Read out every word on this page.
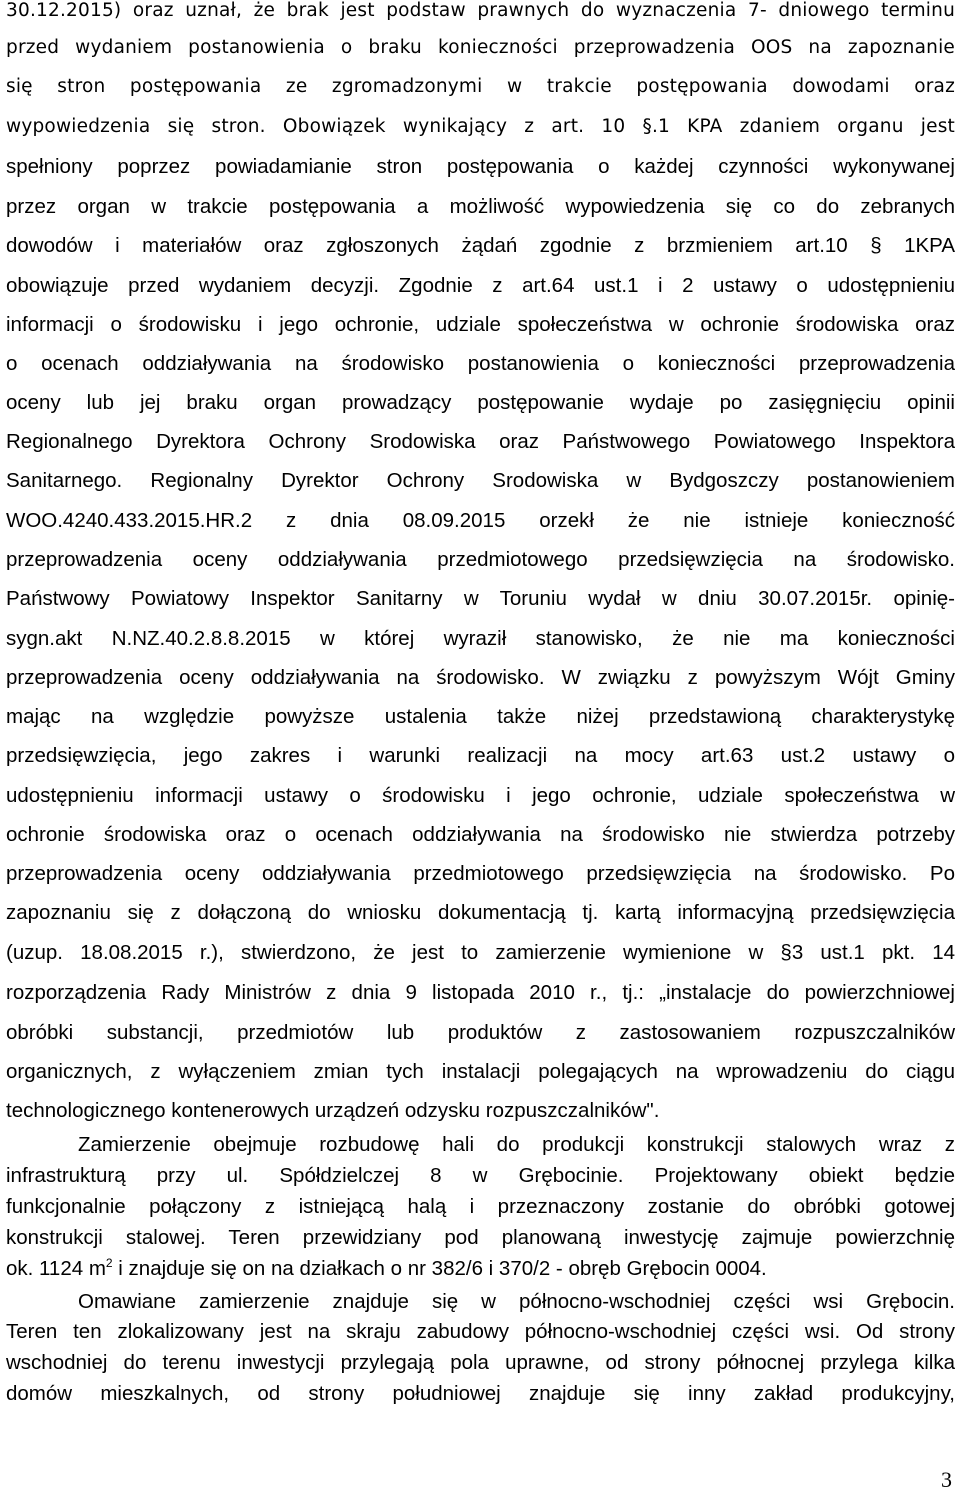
30.12.2015) oraz uznał, że brak jest podstaw prawnych do wyznaczenia 7- dniowego terminu

przed wydaniem postanowienia o braku konieczności przeprowadzenia OOS na zapoznanie

się stron postępowania ze zgromadzonymi w trakcie postępowania dowodami oraz

wypowiedzenia się stron. Obowiązek wynikający z art. 10 §.1 KPA zdaniem organu jest

spełniony poprzez powiadamianie stron postępowania o każdej czynności wykonywanej

przez organ w trakcie postępowania a możliwość wypowiedzenia się co do zebranych

dowodów i materiałów oraz zgłoszonych żądań zgodnie z brzmieniem art.10 § 1KPA

obowiązuje przed wydaniem decyzji. Zgodnie z art.64 ust.1 i 2 ustawy o udostępnieniu

informacji o środowisku i jego ochronie, udziale społeczeństwa w ochronie środowiska oraz

o ocenach oddziaływania na środowisko postanowienia o konieczności przeprowadzenia

oceny lub jej braku organ prowadzący postępowanie wydaje po zasięgnięciu opinii

Regionalnego Dyrektora Ochrony Srodowiska oraz Państwowego Powiatowego Inspektora

Sanitarnego. Regionalny Dyrektor Ochrony Srodowiska w Bydgoszczy postanowieniem

WOO.4240.433.2015.HR.2 z dnia 08.09.2015 orzekł że nie istnieje konieczność

przeprowadzenia oceny oddziaływania przedmiotowego przedsięwzięcia na środowisko.

Państwowy Powiatowy Inspektor Sanitarny w Toruniu wydał w dniu 30.07.2015r. opinię-

sygn.akt N.NZ.40.2.8.8.2015 w której wyraził stanowisko, że nie ma konieczności

przeprowadzenia oceny oddziaływania na środowisko. W związku z powyższym Wójt Gminy

mając na względzie powyższe ustalenia także niżej przedstawioną charakterystykę

przedsięwzięcia, jego zakres i warunki realizacji na mocy art.63 ust.2 ustawy o

udostępnieniu informacji ustawy o środowisku i jego ochronie, udziale społeczeństwa w

ochronie środowiska oraz o ocenach oddziaływania na środowisko nie stwierdza potrzeby

przeprowadzenia oceny oddziaływania przedmiotowego przedsięwzięcia na środowisko. Po

zapoznaniu się z dołączoną do wniosku dokumentacją tj. kartą informacyjną przedsięwzięcia

(uzup. 18.08.2015 r.), stwierdzono, że jest to zamierzenie wymienione w §3 ust.1 pkt. 14

rozporządzenia Rady Ministrów z dnia 9 listopada 2010 r., tj.: „instalacje do powierzchniowej

obróbki substancji, przedmiotów lub produktów z zastosowaniem rozpuszczalników

organicznych, z wyłączeniem zmian tych instalacji polegających na wprowadzeniu do ciągu

technologicznego kontenerowych urządzeń odzysku rozpuszczalników".

Zamierzenie obejmuje rozbudowę hali do produkcji konstrukcji stalowych wraz z

infrastrukturą przy ul. Spółdzielczej 8 w Grębocinie. Projektowany obiekt będzie

funkcjonalnie połączony z istniejącą halą i przeznaczony zostanie do obróbki gotowej

konstrukcji stalowej. Teren przewidziany pod planowaną inwestycję zajmuje powierzchnię

ok. 1124 $m^2$ i znajduje się on na działkach o nr 382/6 i 370/2 - obręb Grębocin 0004.

Omawiane zamierzenie znajduje się w północno-wschodniej części wsi Grębocin.

Teren ten zlokalizowany jest na skraju zabudowy północno-wschodniej części wsi. Od strony

wschodniej do terenu inwestycji przylegają pola uprawne, od strony północnej przylega kilka

domów mieszkalnych, od strony południowej znajduje się inny zakład produkcyjny,

3
